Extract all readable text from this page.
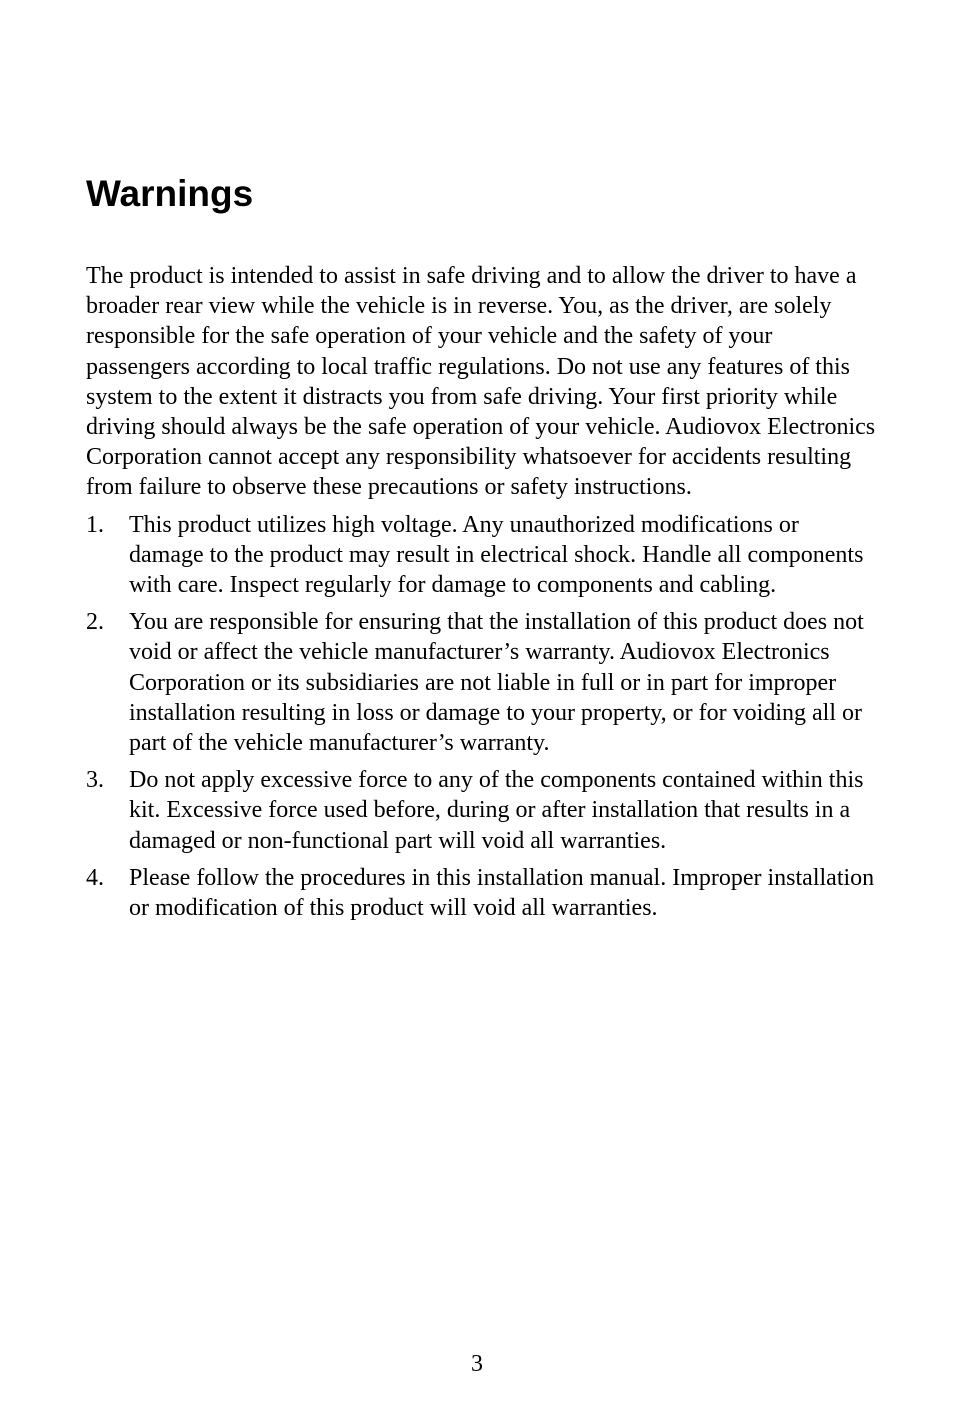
Warnings

The product is intended to assist in safe driving and to allow the driver to have a broader rear view while the vehicle is in reverse. You, as the driver, are solely responsible for the safe operation of your vehicle and the safety of your passengers according to local traffic regulations. Do not use any features of this system to the extent it distracts you from safe driving. Your first priority while driving should always be the safe operation of your vehicle. Audiovox Electronics Corporation cannot accept any responsibility whatsoever for accidents resulting from failure to observe these precautions or safety instructions.

1. This product utilizes high voltage. Any unauthorized modifications or damage to the product may result in electrical shock. Handle all components with care. Inspect regularly for damage to components and cabling.
2. You are responsible for ensuring that the installation of this product does not void or affect the vehicle manufacturer’s warranty. Audiovox Electronics Corporation or its subsidiaries are not liable in full or in part for improper installation resulting in loss or damage to your property, or for voiding all or part of the vehicle manufacturer’s warranty.
3. Do not apply excessive force to any of the components contained within this kit. Excessive force used before, during or after installation that results in a damaged or non-functional part will void all warranties.
4. Please follow the procedures in this installation manual. Improper installation or modification of this product will void all warranties.
3
